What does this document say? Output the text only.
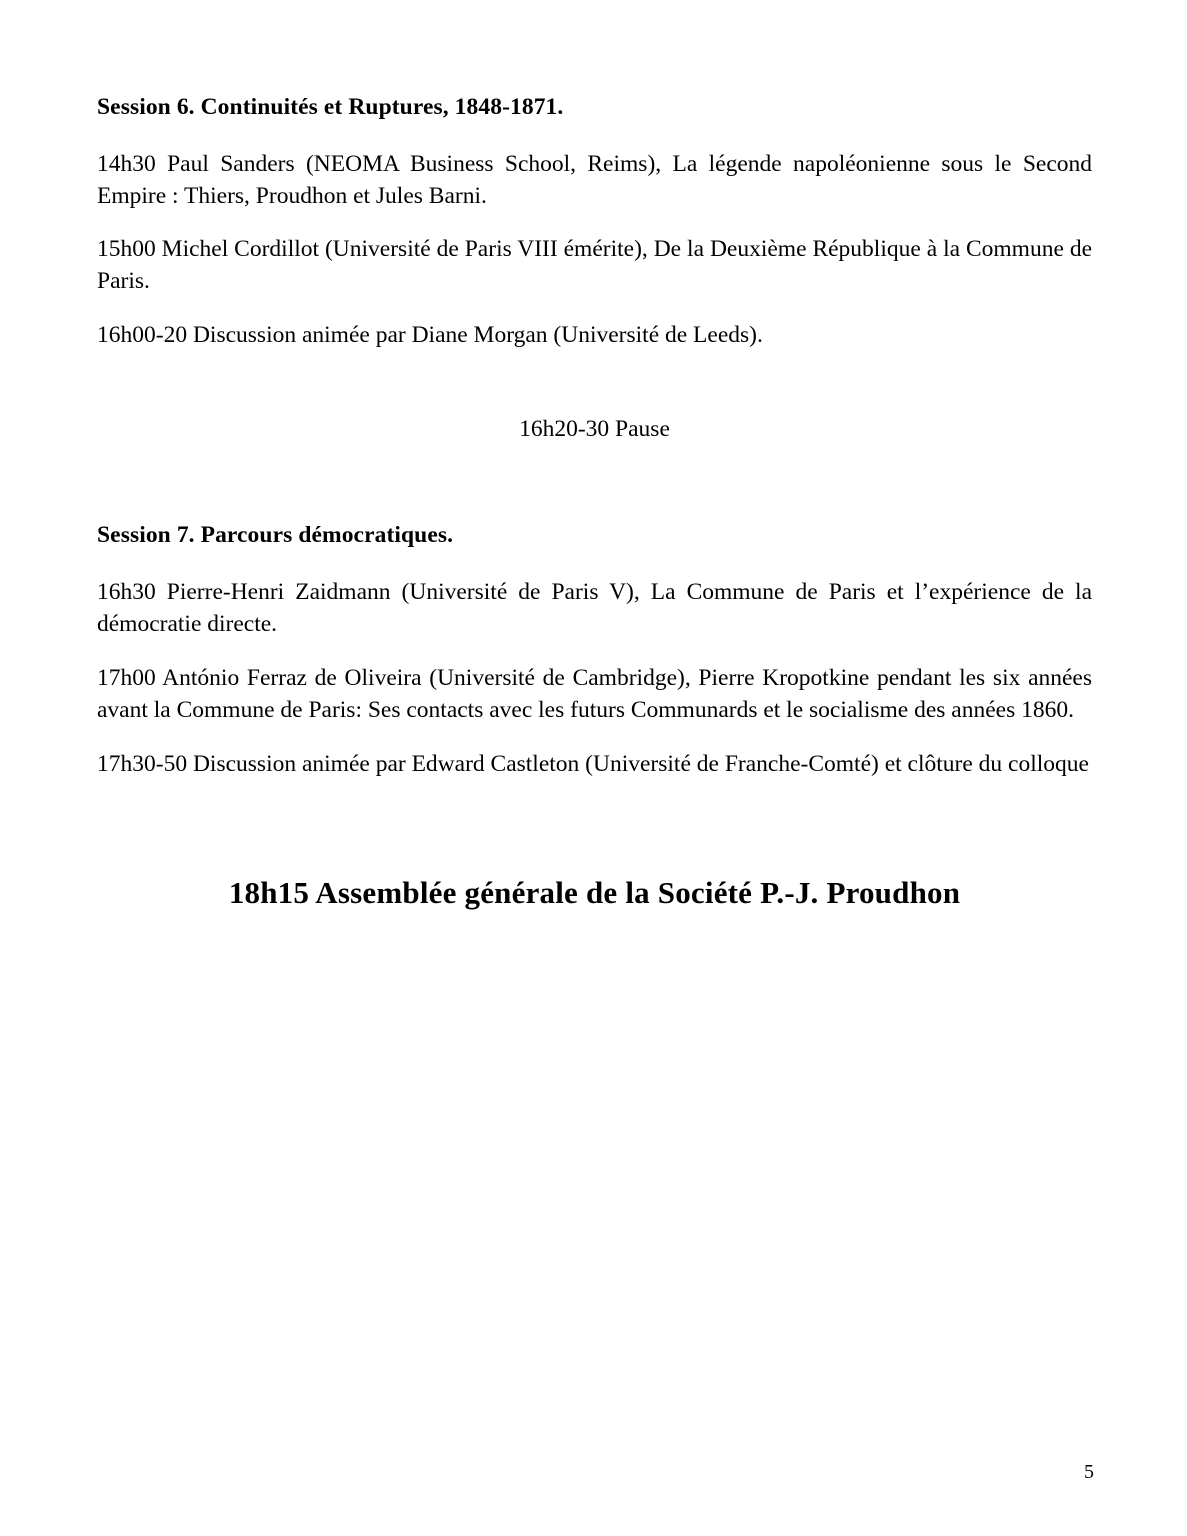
Session 6. Continuités et Ruptures, 1848-1871.

14h30 Paul Sanders (NEOMA Business School, Reims), La légende napoléonienne sous le Second Empire : Thiers, Proudhon et Jules Barni.

15h00 Michel Cordillot (Université de Paris VIII émérite), De la Deuxième République à la Commune de Paris.

16h00-20 Discussion animée par Diane Morgan (Université de Leeds).

16h20-30 Pause

Session 7. Parcours démocratiques.

16h30 Pierre-Henri Zaidmann (Université de Paris V), La Commune de Paris et l’expérience de la démocratie directe.

17h00 António Ferraz de Oliveira (Université de Cambridge), Pierre Kropotkine pendant les six années avant la Commune de Paris: Ses contacts avec les futurs Communards et le socialisme des années 1860.

17h30-50 Discussion animée par Edward Castleton (Université de Franche-Comté) et clôture du colloque

18h15 Assemblée générale de la Société P.-J. Proudhon
5
